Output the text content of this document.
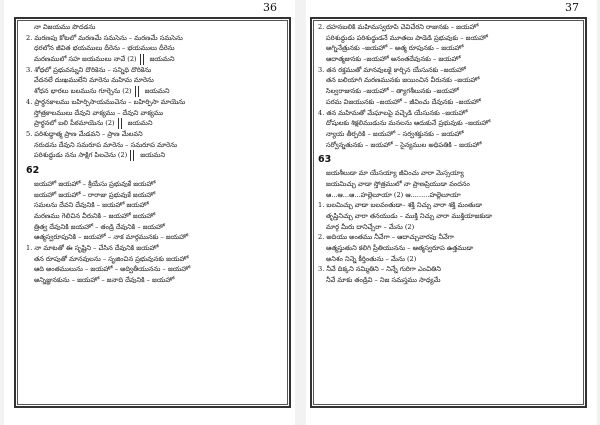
36
నా విజయము పొదడను
2. మరణపు కోటలో మరణమే సమసెను – మరణమే సమసెను
ధరలోన జీవిత భయములు దీరెను – భయములు దీరెను
మరణములో సహ జయములు నావే (2) జయమని
3. శోధలో ప్రభువన్నుని దొరికెను – సన్నిధి దొరికెను
వేదనలే దుఃఖములేని మారెను మహిమ మారెను
శోధన భారలు బలమును గూర్చెను (2) జయమని
4. ప్రార్థనకాలము బహిర్పిసాయముచెను – బహిర్పిసా మాయెను
స్తోత్రకాలములు దేవుని వాక్యము – దేవుని వాక్యము
ప్రార్థనలో బలి పీఠమాయెను (2) జయమని
5. పరిశుద్ధాత్మ ప్రాణ మేడవని – ప్రాణ మేలవని
నరుడను దేవుని సమరూప మారెను – సమరూప మారెను
పరిశుద్ధుడు నను సాక్షిగ పిలచెను (2) జయమని
62
జయహో జయహో – శ్రీయేసు ప్రభువుకే జయహో
జయహో జయహో – రారాజు ప్రభువుకే జయహో
సమలను దేవని దేవునికి – జయహో జయహో
మరణము గెలిచిన వీరునికి – జయహో జయహో
త్రిత్వ దేవునికి జయహో – తండ్రి దేవునికి – జయహో
ఆత్మస్వరూపునికి – జయహో – నాక మార్గమునకు – జయహో
1. నా మాటతో ఈ సృష్టిని – చేసిన దేవునికి జయహో
తన రూపుతో మానవులను – సృజించిన ప్రభువునకు జయహో
ఆది అంతములును – జయహో – అద్వితీయునను – జయహో
అన్నిజ్ఞునకును – జయహో – జనాది దేవునికి – జయహో
37
2. దహనబలికి మహిమస్వరూపి చెవిచేరని రాజునకు – జయహో
పరిశుద్ధుడు పరిశుద్ధుడనే మూతలు పాడెడి ప్రభువుకు – జయహో
అగ్నినేత్రునకు –జయహో – అత్మ రూపునకు – జయహో
ఆదాత్మజునకు –జయహో అనంతదేవునకు – జయహో
3. తన రక్తముతో మానవులకై కార్చిన యేసునకు –జయహో
తన బలియాగి మరణమునకు జయించిన వీరునకు –జయహో
సిల్వరాజునకు –జయహో – త్యాగశీలునకు –జయహో
పరమ విజయునకు –జయహో – జీవించు దేవునకు –జయహో
4. తన మహిమతో మేఘాలపై వచ్చెడి యేసునకు –జయహో
దోషులకు శిక్షలిముడును మనలను ఆదుకునే ప్రభువుకు –జయహో
న్యాయ తీర్పరికి – జయహో – సర్వశక్తునకు – జయహో
సర్వోన్నతునకు – జయహో – సైన్యముల అధిపతికి – జయహో
63
జయశీలుడా మా యేసయ్యా జీవించు వారా మెస్సయ్యా
జయమిచ్చు వాడా స్తోత్రములో నా ప్రాణప్రియుడా వందనం
ఆ...ఆ...ఆ...హల్లెలూయా (2) ఆ.........హల్లెలూయా
1. బలమిచ్చు వాడా బలవంతుడా– శక్తి నిచ్చు వారా శక్తి మంతుడా
తృప్తినిచ్చు వారా తనయుడు – ముక్తి నిచ్చు వారా ముక్తియాజకుడా
మార్గ మీరు దానిచ్చేరా – మేను (2)
2. అదియు అంతము నీవేగా – ఆదాచ్చువారపు నీవేగా
ఆత్మస్తుతుని కలిగి ప్రీతియునను – ఆత్మస్వరూప ఉత్తముడా
అనిశం నిన్నె కీర్తింతును – మేను (2)
3. నీవే దిక్కని నమ్మితిని – నిన్నే గురిగా ఎంచితిని
నీవే మాకు తండ్రివి – నిజ సమస్తము సాధ్యమే
